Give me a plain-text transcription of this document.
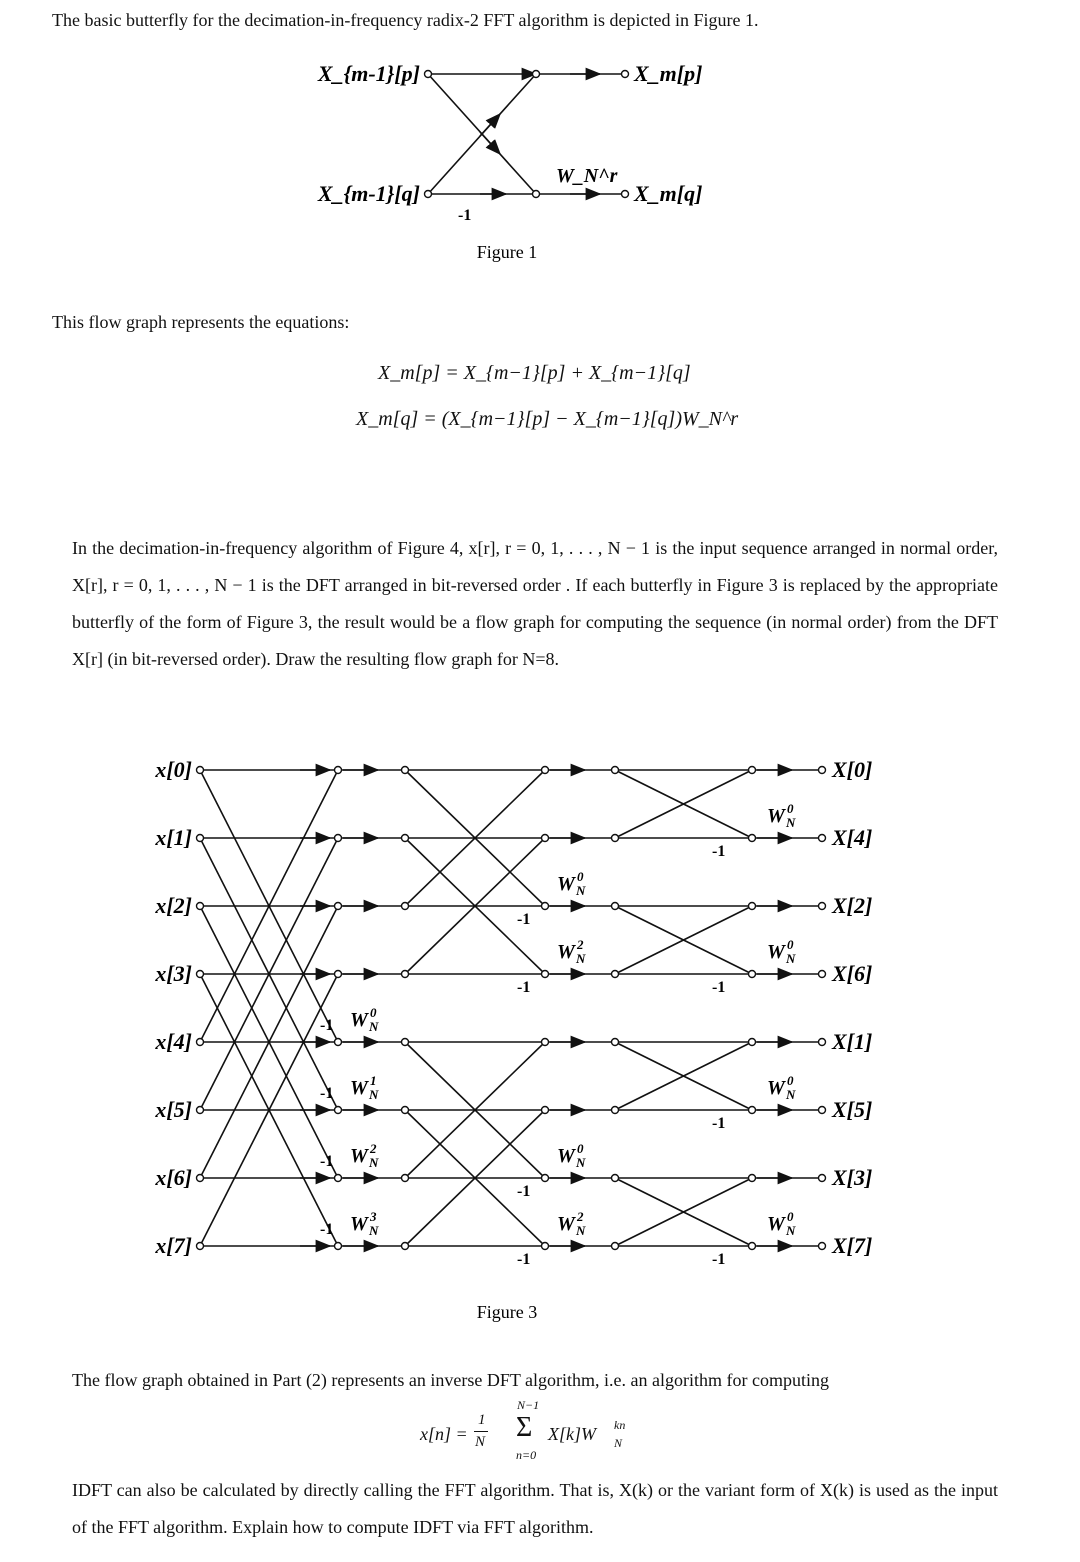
The basic butterfly for the decimation-in-frequency radix-2 FFT algorithm is depicted in Figure 1.
X_{m-1}[p]
X_{m-1}[q]
X_m[p]
X_m[q]
W_N^r
-1
Figure 1
This flow graph represents the equations:
X_m[p] = X_{m−1}[p] + X_{m−1}[q]
X_m[q] = (X_{m−1}[p] − X_{m−1}[q])W_N^r
In the decimation-in-frequency algorithm of Figure 4, x[r], r = 0, 1, . . . , N − 1 is the input sequence arranged in normal order, X[r], r = 0, 1, . . . , N − 1 is the DFT arranged in bit-reversed order . If each butterfly in Figure 3 is replaced by the appropriate butterfly of the form of Figure 3, the result would be a flow graph for computing the sequence (in normal order) from the DFT X[r] (in bit-reversed order). Draw the resulting flow graph for N=8.
x[0]
x[1]
x[2]
x[3]
x[4]
x[5]
x[6]
x[7]
X[0]
X[4]
X[2]
X[6]
X[1]
X[5]
X[3]
X[7]
W 0
N
W 1
N
W 2
N
W 3
N
W 0
N
W 2
N
W 0
N
W 2
N
W 0
N
W 0
N
W 0
N
W 0
N
-1
-1
-1
-1
-1
-1
-1
-1
-1
-1
-1
-1
Figure 3
The flow graph obtained in Part (2) represents an inverse DFT algorithm, i.e. an algorithm for computing
x[n] =
1
N
N−1
Σ
n=0
X[k]W kn
N
IDFT can also be calculated by directly calling the FFT algorithm. That is, X(k) or the variant form of X(k) is used as the input of the FFT algorithm. Explain how to compute IDFT via FFT algorithm.
